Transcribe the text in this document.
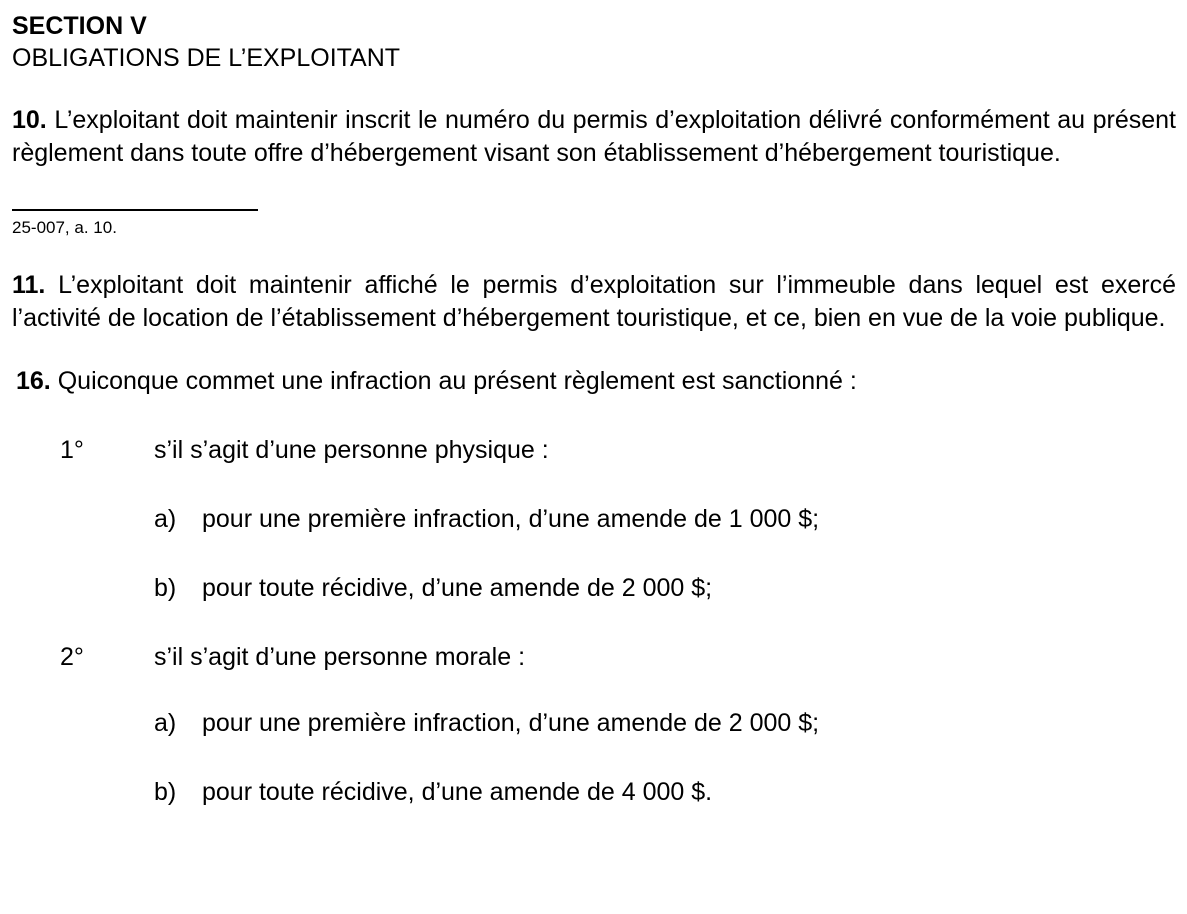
SECTION V

OBLIGATIONS DE L’EXPLOITANT

10. L’exploitant doit maintenir inscrit le numéro du permis d’exploitation délivré conformément au présent règlement dans toute offre d’hébergement visant son établissement d’hébergement touristique.

25-007, a. 10.

11. L’exploitant doit maintenir affiché le permis d’exploitation sur l’immeuble dans lequel est exercé l’activité de location de l’établissement d’hébergement touristique, et ce, bien en vue de la voie publique.

16. Quiconque commet une infraction au présent règlement est sanctionné :

1°	s’il s’agit d’une personne physique :
a) pour une première infraction, d’une amende de 1 000 $;
b) pour toute récidive, d’une amende de 2 000 $;
2°	s’il s’agit d’une personne morale :
a) pour une première infraction, d’une amende de 2 000 $;
b) pour toute récidive, d’une amende de 4 000 $.
